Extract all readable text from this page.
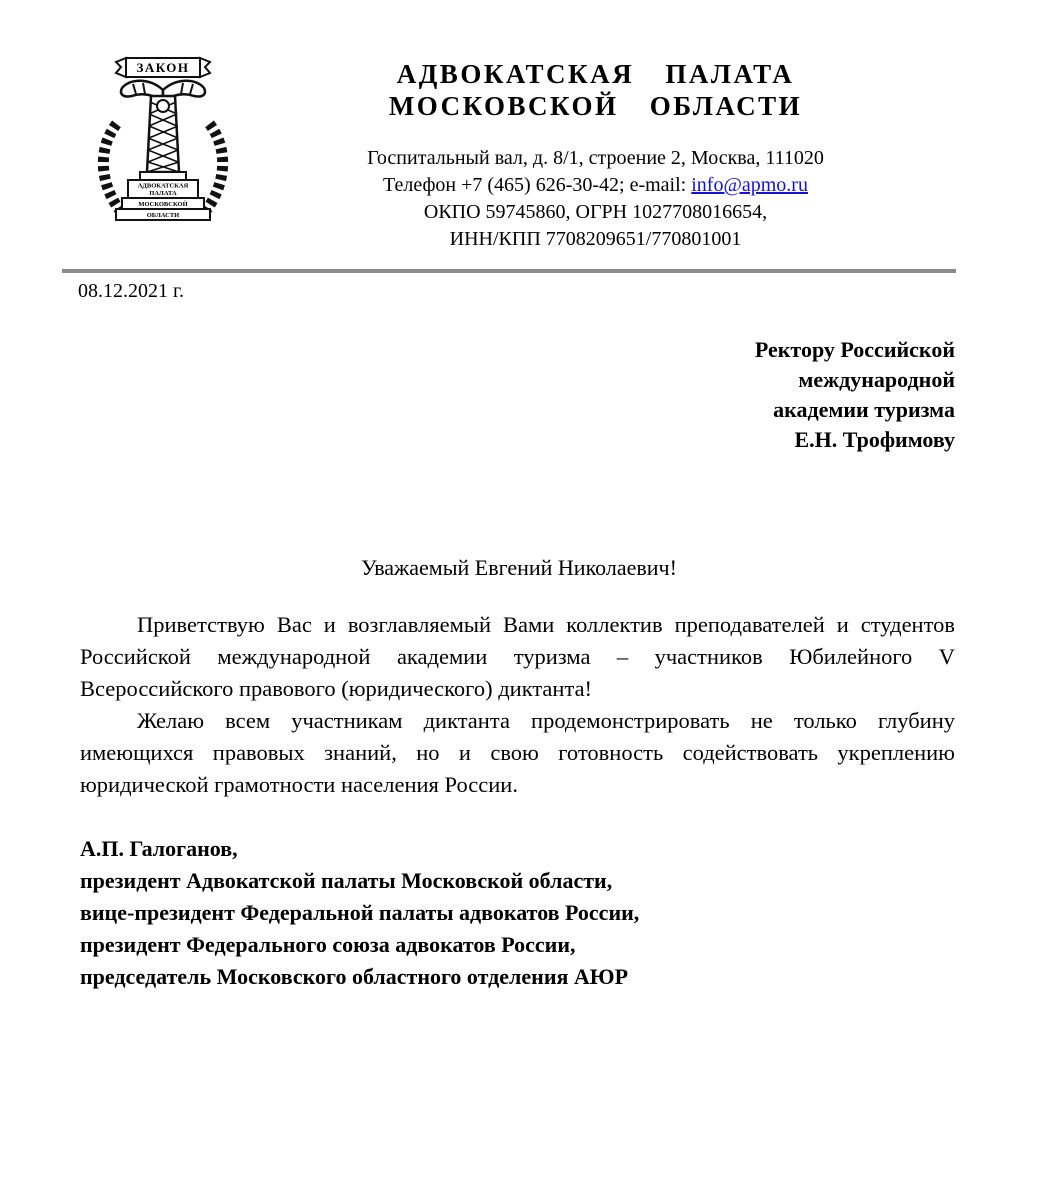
ЗАКОН
АДВОКАТСКАЯ
ПАЛАТА
МОСКОВСКОЙ
ОБЛАСТИ
АДВОКАТСКАЯ ПАЛАТА
МОСКОВСКОЙ ОБЛАСТИ
Госпитальный вал, д. 8/1, строение 2, Москва, 111020
Телефон +7 (465) 626-30-42; e-mail: info@apmo.ru
ОКПО 59745860, ОГРН 1027708016654,
ИНН/КПП 7708209651/770801001
08.12.2021 г.
Ректору Российской
международной
академии туризма
Е.Н. Трофимову
Уважаемый Евгений Николаевич!

Приветствую Вас и возглавляемый Вами коллектив преподавателей и студентов Российской международной академии туризма – участников Юбилейного V Всероссийского правового (юридического) диктанта!

Желаю всем участникам диктанта продемонстрировать не только глубину имеющихся правовых знаний, но и свою готовность содействовать укреплению юридической грамотности населения России.

А.П. Галоганов,
президент Адвокатской палаты Московской области,
вице-президент Федеральной палаты адвокатов России,
президент Федерального союза адвокатов России,
председатель Московского областного отделения АЮР
